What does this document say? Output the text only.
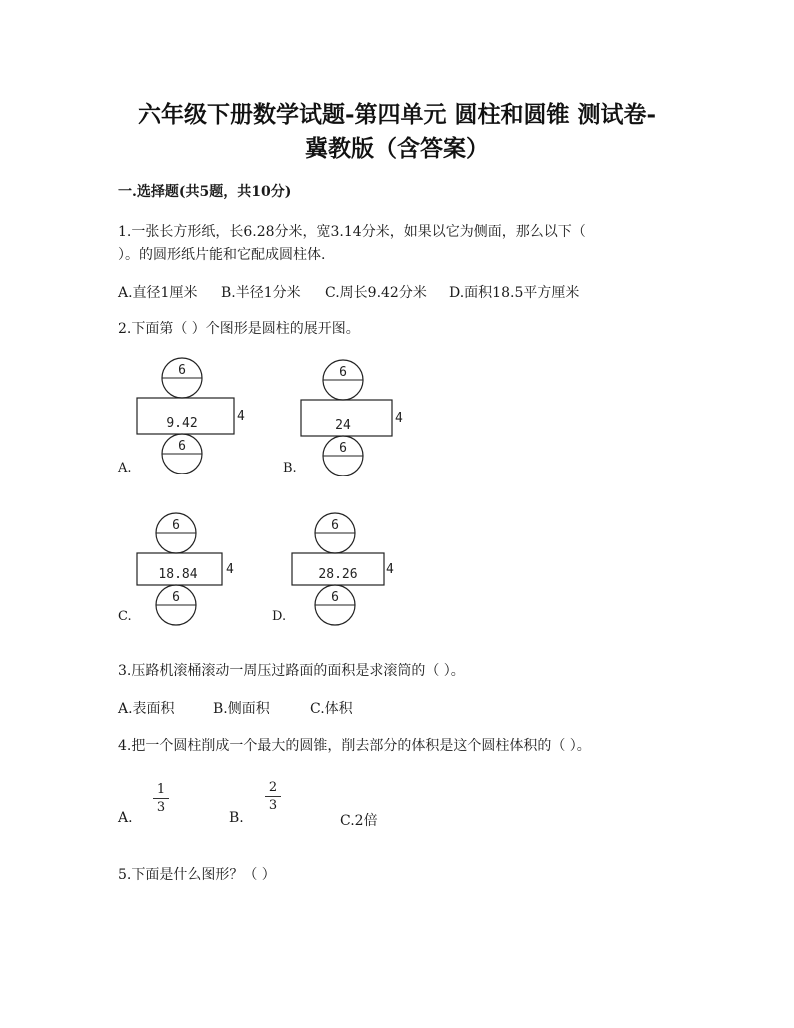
六年级下册数学试题-第四单元 圆柱和圆锥 测试卷-
冀教版（含答案）
一.选择题(共5题，共10分)
1.一张长方形纸，长6.28分米，宽3.14分米，如果以它为侧面，那么以下（
）。的圆形纸片能和它配成圆柱体.
A.直径1厘米 B.半径1分米 C.周长9.42分米 D.面积18.5平方厘米
2.下面第（ ）个图形是圆柱的展开图。
6
9.42	4
6
A.
6
24	4
6
B.
6
18.84 4
6
C.
6
28.26 4
6
D.
3.压路机滚桶滚动一周压过路面的面积是求滚筒的（ ）。
A.表面积	B.侧面积	C.体积
4.把一个圆柱削成一个最大的圆锥，削去部分的体积是这个圆柱体积的（ ）。
A.
1
3
B.
2
3
C.2倍
5.下面是什么图形？（ ）
